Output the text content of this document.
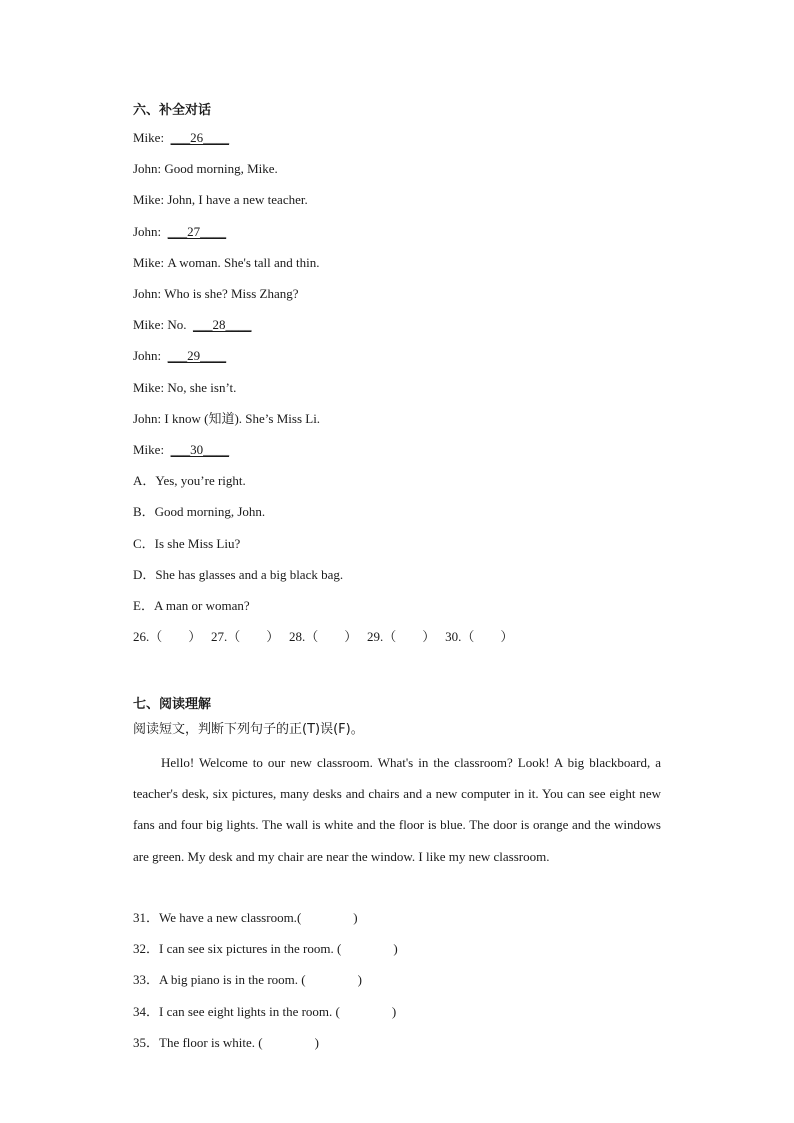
六、补全对话
Mike: ___26____
John: Good morning, Mike.
Mike: John, I have a new teacher.
John: ___27____
Mike: A woman. She's tall and thin.
John: Who is she? Miss Zhang?
Mike: No. ___28____
John: ___29____
Mike: No, she isn’t.
John: I know (知道). She’s Miss Li.
Mike: ___30____
A．Yes, you’re right.
B．Good morning, John.
C．Is she Miss Liu?
D．She has glasses and a big black bag.
E．A man or woman?
26.（　　） 27.（　　） 28.（　　） 29.（　　） 30.（　　）
七、阅读理解
阅读短文，判断下列句子的正(T)误(F)。

Hello! Welcome to our new classroom. What's in the classroom? Look! A big blackboard, a teacher's desk, six pictures, many desks and chairs and a new computer in it. You can see eight new fans and four big lights. The wall is white and the floor is blue. The door is orange and the windows are green. My desk and my chair are near the window. I like my new classroom.

31．We have a new classroom.(　　　　)
32．I can see six pictures in the room. (　　　　)
33．A big piano is in the room. (　　　　)
34．I can see eight lights in the room. (　　　　)
35．The floor is white. (　　　　)
